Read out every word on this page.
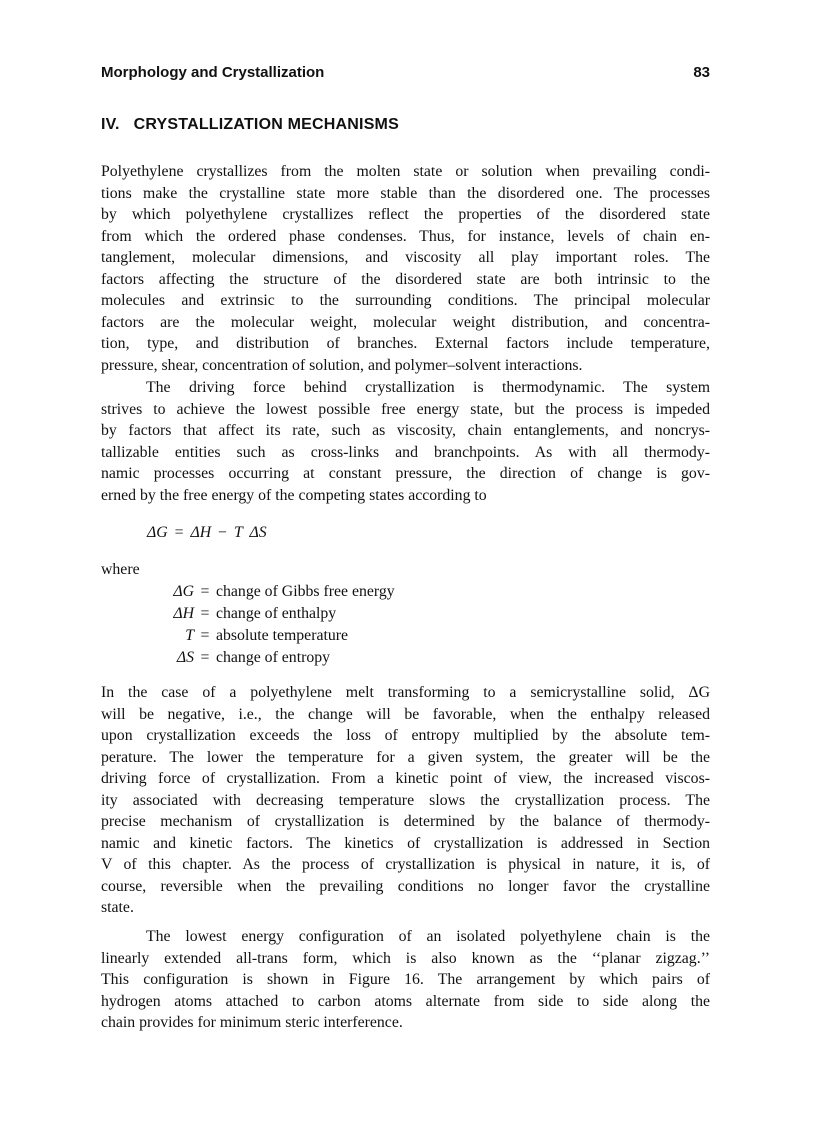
Morphology and Crystallization	83
IV.   CRYSTALLIZATION MECHANISMS
Polyethylene crystallizes from the molten state or solution when prevailing condi-
tions make the crystalline state more stable than the disordered one. The processes
by which polyethylene crystallizes reflect the properties of the disordered state
from which the ordered phase condenses. Thus, for instance, levels of chain en-
tanglement, molecular dimensions, and viscosity all play important roles. The
factors affecting the structure of the disordered state are both intrinsic to the
molecules and extrinsic to the surrounding conditions. The principal molecular
factors are the molecular weight, molecular weight distribution, and concentra-
tion, type, and distribution of branches. External factors include temperature,
pressure, shear, concentration of solution, and polymer–solvent interactions.
The driving force behind crystallization is thermodynamic. The system
strives to achieve the lowest possible free energy state, but the process is impeded
by factors that affect its rate, such as viscosity, chain entanglements, and noncrys-
tallizable entities such as cross-links and branchpoints. As with all thermody-
namic processes occurring at constant pressure, the direction of change is gov-
erned by the free energy of the competing states according to
In the case of a polyethylene melt transforming to a semicrystalline solid, ΔG
will be negative, i.e., the change will be favorable, when the enthalpy released
upon crystallization exceeds the loss of entropy multiplied by the absolute tem-
perature. The lower the temperature for a given system, the greater will be the
driving force of crystallization. From a kinetic point of view, the increased viscos-
ity associated with decreasing temperature slows the crystallization process. The
precise mechanism of crystallization is determined by the balance of thermody-
namic and kinetic factors. The kinetics of crystallization is addressed in Section
V of this chapter. As the process of crystallization is physical in nature, it is, of
course, reversible when the prevailing conditions no longer favor the crystalline
state.
The lowest energy configuration of an isolated polyethylene chain is the
linearly extended all-trans form, which is also known as the ‘‘planar zigzag.’’
This configuration is shown in Figure 16. The arrangement by which pairs of
hydrogen atoms attached to carbon atoms alternate from side to side along the
chain provides for minimum steric interference.
ΔG = ΔH − T ΔS
where
ΔG = change of Gibbs free energy
ΔH = change of enthalpy
T = absolute temperature
ΔS = change of entropy
